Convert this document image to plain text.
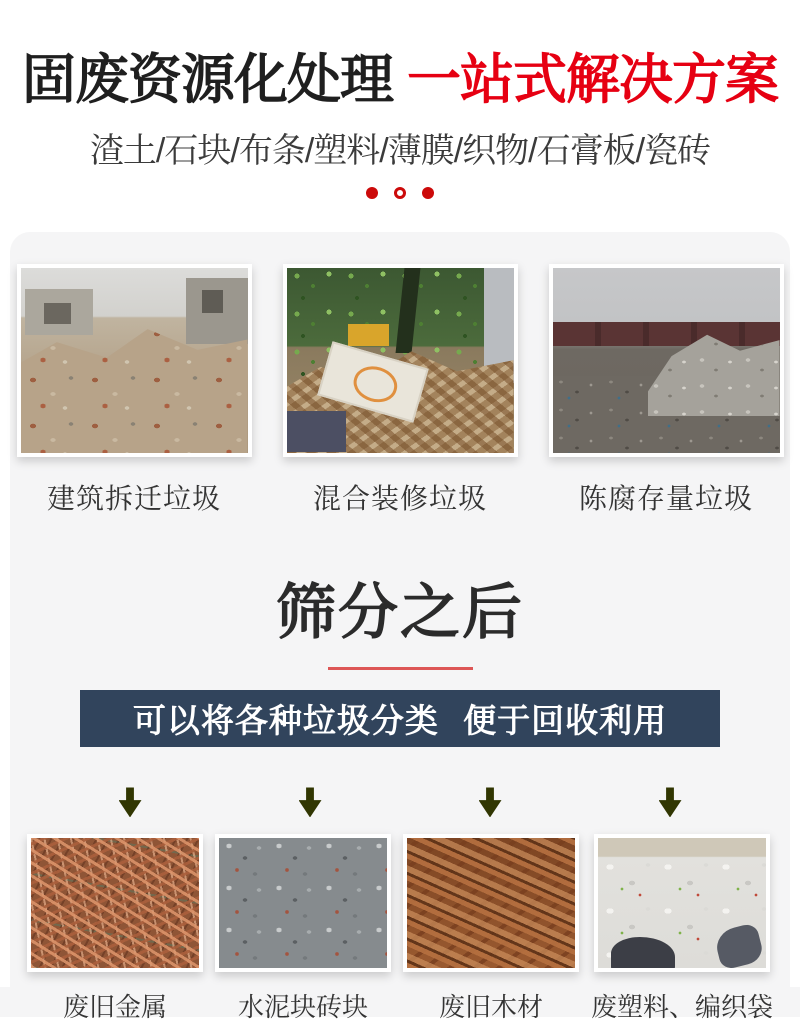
固废资源化处理 一站式解决方案
渣土/石块/布条/塑料/薄膜/织物/石膏板/瓷砖
建筑拆迁垃圾	混合装修垃圾	陈腐存量垃圾
筛分之后
可以将各种垃圾分类 便于回收利用
废旧金属	水泥块砖块	废旧木材 废塑料、编织袋
